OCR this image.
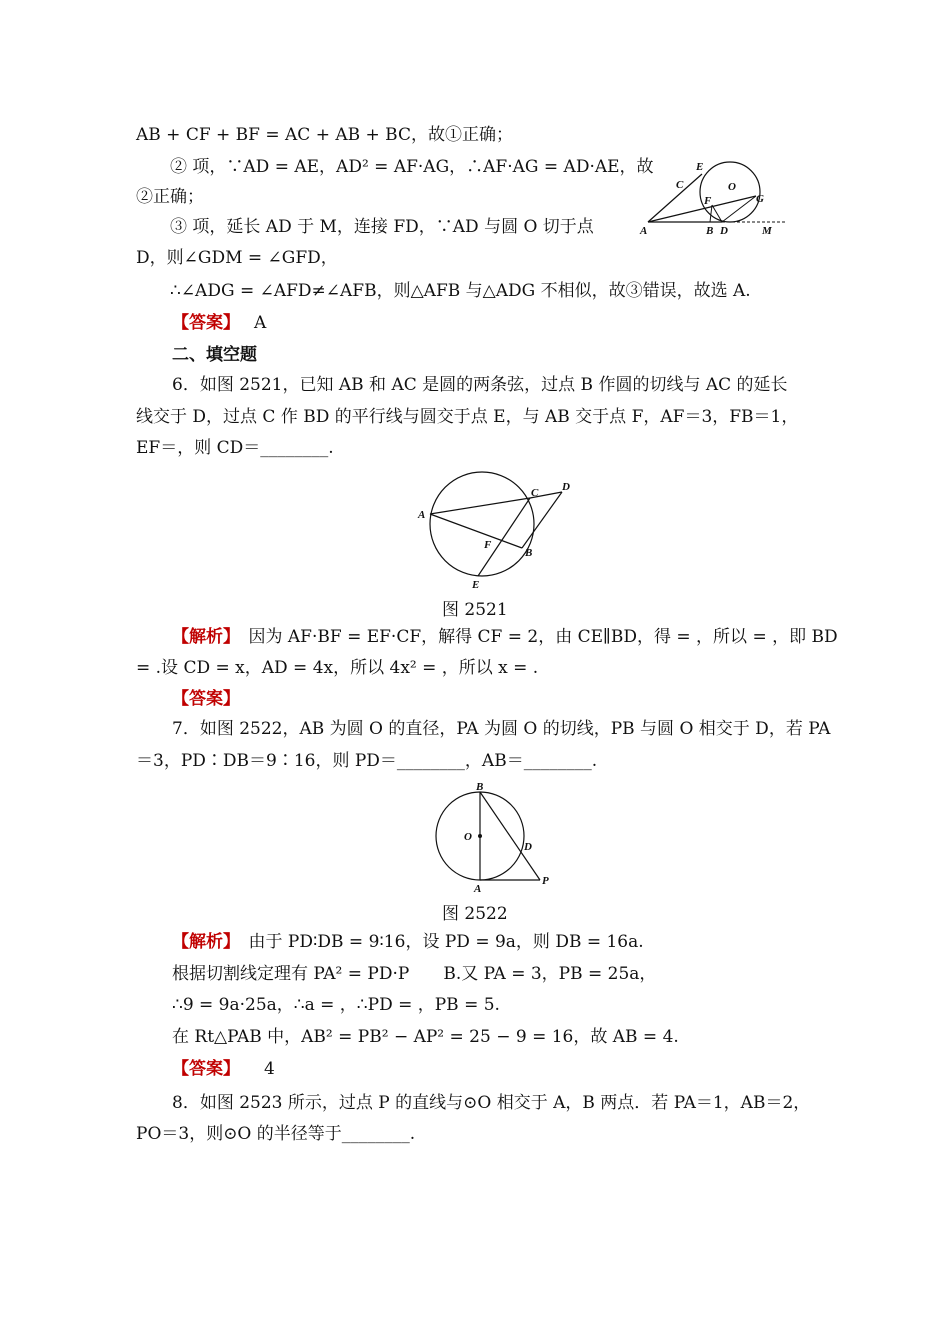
AB + CF + BF = AC + AB + BC，故①正确；
② 项，∵AD = AE，AD² = AF·AG，∴AF·AG = AD·AE，故
②正确；
③ 项，延长 AD 于 M，连接 FD，∵AD 与圆 O 切于点
D，则∠GDM = ∠GFD，
∴∠ADG = ∠AFD≠∠AFB，则△AFB 与△ADG 不相似，故③错误，故选 A.
A	B
C
D
E
F	G
O
M
【答案】 A
二、填空题
6．如图 2521，已知 AB 和 AC 是圆的两条弦，过点 B 作圆的切线与 AC 的延长
线交于 D，过点 C 作 BD 的平行线与圆交于点 E，与 AB 交于点 F，AF＝3，FB＝1，
EF＝，则 CD＝________.
A
B
C D
E
F
图 2521
【解析】　 因为 AF·BF = EF·CF，解得 CF = 2，由 CE∥BD，得 = ，所以 = ，即 BD
= .设 CD = x，AD = 4x，所以 4x² = ，所以 x = .
【答案】
7．如图 2522，AB 为圆 O 的直径，PA 为圆 O 的切线，PB 与圆 O 相交于 D，若 PA
＝3，PD∶DB＝9∶16，则 PD＝________，AB＝________.
B
O
D
A
P
图 2522
【解析】　 由于 PD∶DB = 9∶16，设 PD = 9a，则 DB = 16a.
根据切割线定理有 PA² = PD·P　　B.又 PA = 3，PB = 25a，
∴9 = 9a·25a，∴a = ，∴PD = ，PB = 5.
在 Rt△PAB 中，AB² = PB² − AP² = 25 − 9 = 16，故 AB = 4.
【答案】 4
8．如图 2523 所示，过点 P 的直线与⊙O 相交于 A，B 两点．若 PA＝1，AB＝2，
PO＝3，则⊙O 的半径等于________.
